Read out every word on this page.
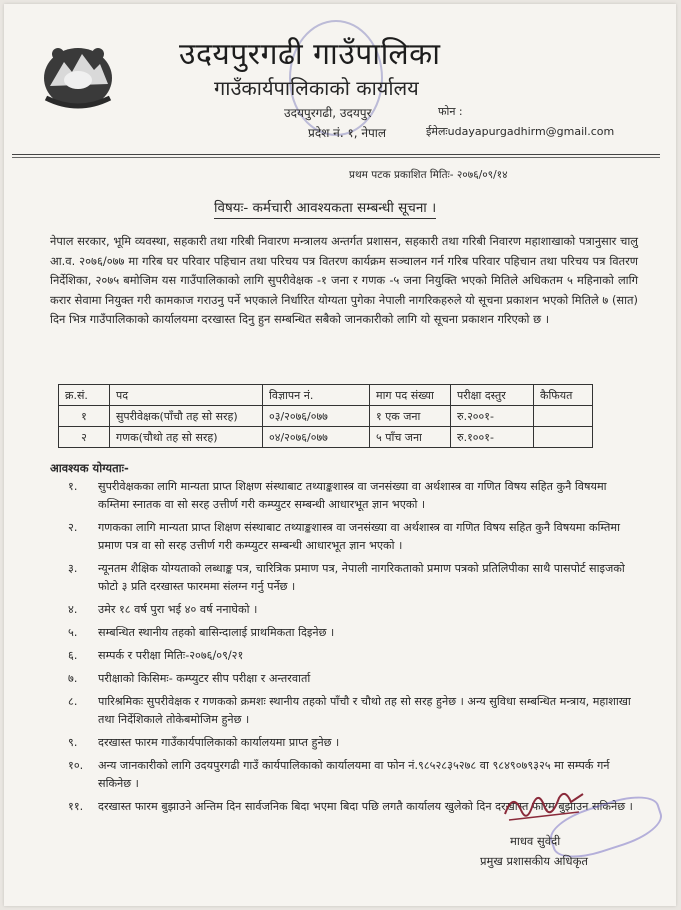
उदयपुरगढी गाउँपालिका
गाउँकार्यपालिकाको कार्यालय
उदयपुरगढी, उदयपुर
प्रदेश नं. १, नेपाल
फोन :
ईमेलःudayapurgadhirm@gmail.com
प्रथम पटक प्रकाशित मितिः- २०७६/०९/१४
विषयः- कर्मचारी आवश्यकता सम्बन्धी सूचना ।
नेपाल सरकार, भूमि व्यवस्था, सहकारी तथा गरिबी निवारण मन्त्रालय अन्तर्गत प्रशासन, सहकारी तथा गरिबी निवारण महाशाखाको पत्रानुसार चालु आ.व. २०७६/०७७ मा गरिब घर परिवार पहिचान तथा परिचय पत्र वितरण कार्यक्रम सञ्चालन गर्न गरिब परिवार पहिचान तथा परिचय पत्र वितरण निर्देशिका, २०७५ बमोजिम यस गाउँपालिकाको लागि सुपरीवेक्षक -१ जना र गणक -५ जना नियुक्ति भएको मितिले अधिकतम ५ महिनाको लागि करार सेवामा नियुक्त गरी कामकाज गराउनु पर्ने भएकाले निर्धारित योग्यता पुगेका नेपाली नागरिकहरुले यो सूचना प्रकाशन भएको मितिले ७ (सात) दिन भित्र गाउँपालिकाको कार्यालयमा दरखास्त दिनु हुन सम्बन्धित सबैको जानकारीको लागि यो सूचना प्रकाशन गरिएको छ ।
क्र.सं.	पद	विज्ञापन नं.	माग पद संख्या	परीक्षा दस्तुर	कैफियत
१	सुपरीवेक्षक(पाँचौ तह सो सरह)	०३/२०७६/०७७	१ एक जना	रु.२००१-	
२	गणक(चौथो तह सो सरह)	०४/२०७६/०७७	५ पाँच जना	रु.१००१-	
आवश्यक योग्यताः-
१. सुपरीवेक्षकका लागि मान्यता प्राप्त शिक्षण संस्थाबाट तथ्याङ्कशास्त्र वा जनसंख्या वा अर्थशास्त्र वा गणित विषय सहित कुनै विषयमा कम्तिमा स्नातक वा सो सरह उत्तीर्ण गरी कम्प्युटर सम्बन्धी आधारभूत ज्ञान भएको ।
२. गणकका लागि मान्यता प्राप्त शिक्षण संस्थाबाट तथ्याङ्कशास्त्र वा जनसंख्या वा अर्थशास्त्र वा गणित विषय सहित कुनै विषयमा कम्तिमा प्रमाण पत्र वा सो सरह उत्तीर्ण गरी कम्प्युटर सम्बन्धी आधारभूत ज्ञान भएको ।
३. न्यूनतम शैक्षिक योग्यताको लब्धाङ्क पत्र, चारित्रिक प्रमाण पत्र, नेपाली नागरिकताको प्रमाण पत्रको प्रतिलिपीका साथै पासपोर्ट साइजको फोटो ३ प्रति दरखास्त फारममा संलग्न गर्नु पर्नेछ ।
४. उमेर १८ वर्ष पुरा भई ४० वर्ष ननाघेको ।
५. सम्बन्धित स्थानीय तहको बासिन्दालाई प्राथमिकता दिइनेछ ।
६. सम्पर्क र परीक्षा मितिः-२०७६/०९/२१
७. परीक्षाको किसिमः- कम्प्युटर सीप परीक्षा र अन्तरवार्ता
८. पारिश्रमिकः सुपरीवेक्षक र गणकको क्रमशः स्थानीय तहको पाँचौ र चौथो तह सो सरह हुनेछ । अन्य सुविधा सम्बन्धित मन्त्राय, महाशाखा तथा निर्देशिकाले तोकेबमोजिम हुनेछ ।
९. दरखास्त फारम गाउँकार्यपालिकाको कार्यालयमा प्राप्त हुनेछ ।
१०. अन्य जानकारीको लागि उदयपुरगढी गाउँ कार्यपालिकाको कार्यालयमा वा फोन नं.९८५२८३५२७८ वा ९८४९०७९३२५ मा सम्पर्क गर्न सकिनेछ ।
११. दरखास्त फारम बुझाउने अन्तिम दिन सार्वजनिक बिदा भएमा बिदा पछि लगतै कार्यालय खुलेको दिन दरखास्त फारम बुझाउन सकिनेछ ।
माधव सुवेदी
प्रमुख प्रशासकीय अधिकृत
